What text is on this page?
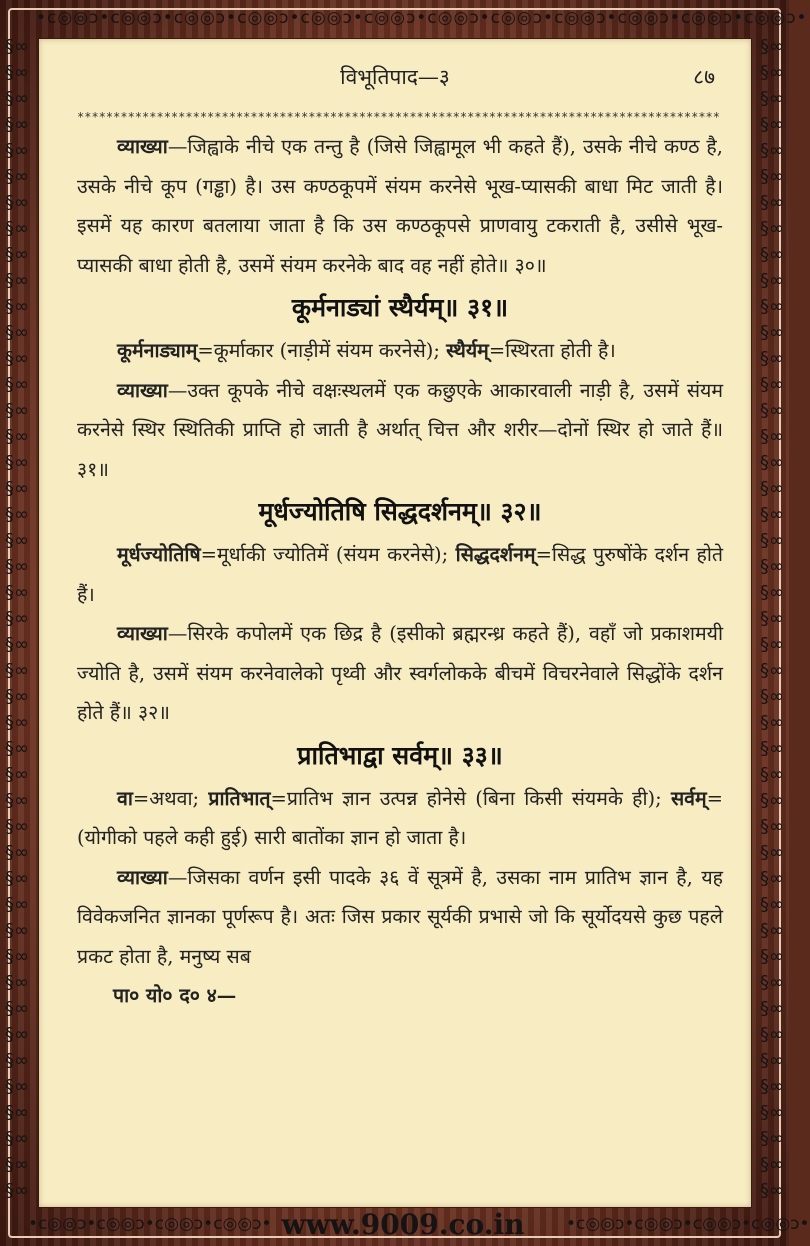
•c◎◎ɔ•c◎◎ɔ•c◎◎ɔ•c◎◎ɔ•c◎◎ɔ•c◎◎ɔ•c◎◎ɔ•c◎◎ɔ•c◎◎ɔ•c◎◎ɔ•c◎◎ɔ•c◎◎ɔ•
§∞§∞§∞§∞§∞§∞§∞§∞§∞§∞§∞§∞§∞§∞§∞§∞§∞§∞§∞§∞§∞§∞§∞§∞§∞§∞§∞§∞§∞§∞§∞§∞§∞§∞§∞§∞§∞§∞§∞§∞§∞§∞§∞§∞§∞
§∞§∞§∞§∞§∞§∞§∞§∞§∞§∞§∞§∞§∞§∞§∞§∞§∞§∞§∞§∞§∞§∞§∞§∞§∞§∞§∞§∞§∞§∞§∞§∞§∞§∞§∞§∞§∞§∞§∞§∞§∞§∞§∞§∞§∞
•c◎◎ɔ•c◎◎ɔ•c◎◎ɔ•c◎◎ɔ• www.9009.co.in	•c◎◎ɔ•c◎◎ɔ•c◎◎ɔ•c◎◎ɔ•
विभूतिपाद—३	८७
*****************************************************************************************

व्याख्या—जिह्वाके नीचे एक तन्तु है (जिसे जिह्वामूल भी कहते हैं), उसके नीचे कण्ठ है, उसके नीचे कूप (गड्ढा) है। उस कण्ठकूपमें संयम करनेसे भूख-प्यासकी बाधा मिट जाती है। इसमें यह कारण बतलाया जाता है कि उस कण्ठकूपसे प्राणवायु टकराती है, उसीसे भूख-प्यासकी बाधा होती है, उसमें संयम करनेके बाद वह नहीं होते॥ ३०॥

कूर्मनाड्यां स्थैर्यम्॥ ३१॥

कूर्मनाड्याम्=कूर्माकार (नाड़ीमें संयम करनेसे); स्थैर्यम्=स्थिरता होती है।

व्याख्या—उक्त कूपके नीचे वक्षःस्थलमें एक कछुएके आकारवाली नाड़ी है, उसमें संयम करनेसे स्थिर स्थितिकी प्राप्ति हो जाती है अर्थात् चित्त और शरीर—दोनों स्थिर हो जाते हैं॥ ३१॥

मूर्धज्योतिषि सिद्धदर्शनम्॥ ३२॥

मूर्धज्योतिषि=मूर्धाकी ज्योतिमें (संयम करनेसे); सिद्धदर्शनम्=सिद्ध पुरुषोंके दर्शन होते हैं।

व्याख्या—सिरके कपोलमें एक छिद्र है (इसीको ब्रह्मरन्ध्र कहते हैं), वहाँ जो प्रकाशमयी ज्योति है, उसमें संयम करनेवालेको पृथ्वी और स्वर्गलोकके बीचमें विचरनेवाले सिद्धोंके दर्शन होते हैं॥ ३२॥

प्रातिभाद्वा सर्वम्॥ ३३॥

वा=अथवा; प्रातिभात्=प्रातिभ ज्ञान उत्पन्न होनेसे (बिना किसी संयमके ही); सर्वम्=(योगीको पहले कही हुई) सारी बातोंका ज्ञान हो जाता है।

व्याख्या—जिसका वर्णन इसी पादके ३६ वें सूत्रमें है, उसका नाम प्रातिभ ज्ञान है, यह विवेकजनित ज्ञानका पूर्णरूप है। अतः जिस प्रकार सूर्यकी प्रभासे जो कि सूर्योदयसे कुछ पहले प्रकट होता है, मनुष्य सब

पा० यो० द० ४—
